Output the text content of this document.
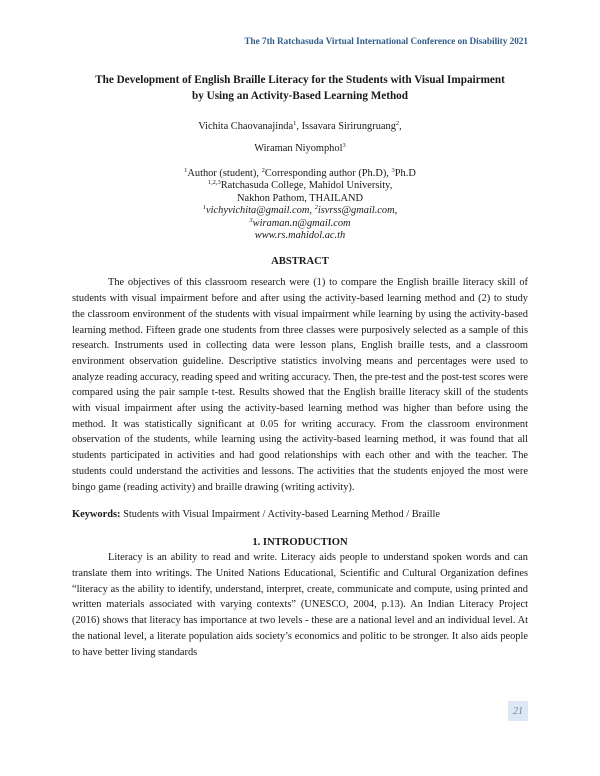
The 7th Ratchasuda Virtual International Conference on Disability 2021
The Development of English Braille Literacy for the Students with Visual Impairment
by Using an Activity-Based Learning Method
Vichita Chaovanajinda$^1$, Issavara Sirirungruang$^2$,
Wiraman Niyomphol$^3$
$^1$Author (student), $^2$Corresponding author (Ph.D), $^3$Ph.D
$^{1,2,3}$Ratchasuda College, Mahidol University,
Nakhon Pathom, THAILAND
$^1$vichyvichita@gmail.com, $^2$isvrss@gmail.com,
$^3$wiraman.n@gmail.com
www.rs.mahidol.ac.th
ABSTRACT

The objectives of this classroom research were (1) to compare the English braille literacy skill of students with visual impairment before and after using the activity-based learning method and (2) to study the classroom environment of the students with visual impairment while learning by using the activity-based learning method. Fifteen grade one students from three classes were purposively selected as a sample of this research. Instruments used in collecting data were lesson plans, English braille tests, and a classroom environment observation guideline. Descriptive statistics involving means and percentages were used to analyze reading accuracy, reading speed and writing accuracy. Then, the pre-test and the post-test scores were compared using the pair sample t-test. Results showed that the English braille literacy skill of the students with visual impairment after using the activity-based learning method was higher than before using the method. It was statistically significant at 0.05 for writing accuracy. From the classroom environment observation of the students, while learning using the activity-based learning method, it was found that all students participated in activities and had good relationships with each other and with the teacher. The students could understand the activities and lessons. The activities that the students enjoyed the most were bingo game (reading activity) and braille drawing (writing activity).

Keywords: Students with Visual Impairment / Activity-based Learning Method / Braille
1. INTRODUCTION

Literacy is an ability to read and write. Literacy aids people to understand spoken words and can translate them into writings. The United Nations Educational, Scientific and Cultural Organization defines “literacy as the ability to identify, understand, interpret, create, communicate and compute, using printed and written materials associated with varying contexts” (UNESCO, 2004, p.13). An Indian Literacy Project (2016) shows that literacy has importance at two levels - these are a national level and an individual level. At the national level, a literate population aids society’s economics and politic to be stronger. It also aids people to have better living standards

21
